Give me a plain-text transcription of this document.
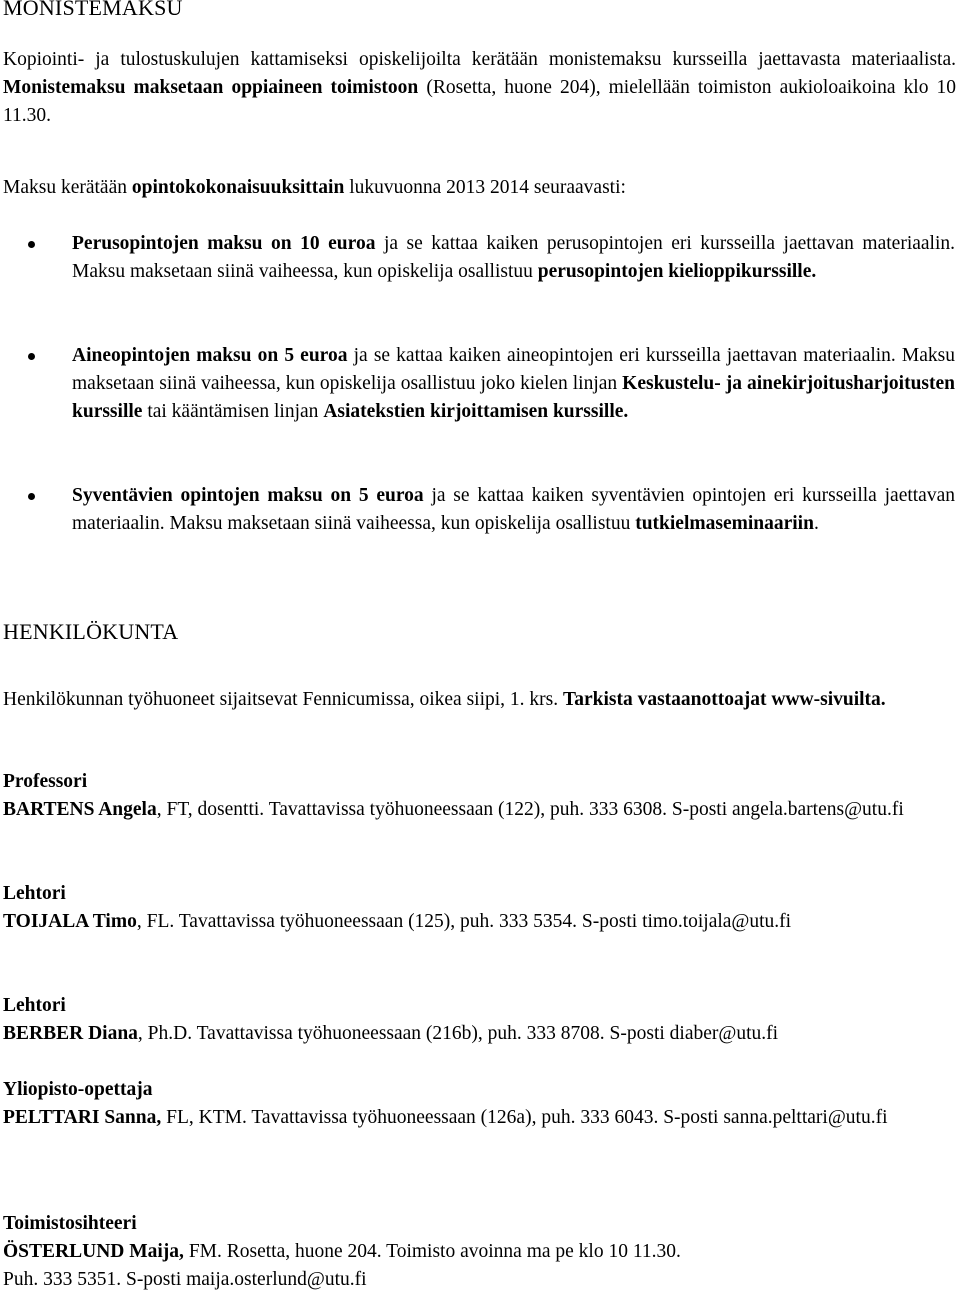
MONISTEMAKSU
Kopiointi- ja tulostuskulujen kattamiseksi opiskelijoilta kerätään monistemaksu kursseilla jaettavasta materiaalista. Monistemaksu maksetaan oppiaineen toimistoon (Rosetta, huone 204), mielellään toimiston aukioloaikoina klo 10 11.30.
Maksu kerätään opintokokonaisuuksittain lukuvuonna 2013 2014 seuraavasti:
Perusopintojen maksu on 10 euroa ja se kattaa kaiken perusopintojen eri kursseilla jaettavan materiaalin. Maksu maksetaan siinä vaiheessa, kun opiskelija osallistuu perusopintojen kielioppikurssille.
Aineopintojen maksu on 5 euroa ja se kattaa kaiken aineopintojen eri kursseilla jaettavan materiaalin. Maksu maksetaan siinä vaiheessa, kun opiskelija osallistuu joko kielen linjan Keskustelu- ja ainekirjoitusharjoitusten kurssille tai kääntämisen linjan Asiatekstien kirjoittamisen kurssille.
Syventävien opintojen maksu on 5 euroa ja se kattaa kaiken syventävien opintojen eri kursseilla jaettavan materiaalin. Maksu maksetaan siinä vaiheessa, kun opiskelija osallistuu tutkielmaseminaariin.
HENKILÖKUNTA
Henkilökunnan työhuoneet sijaitsevat Fennicumissa, oikea siipi, 1. krs. Tarkista vastaanottoajat www-sivuilta.
Professori
BARTENS Angela, FT, dosentti. Tavattavissa työhuoneessaan (122), puh. 333 6308. S-posti angela.bartens@utu.fi
Lehtori
TOIJALA Timo, FL. Tavattavissa työhuoneessaan (125), puh. 333 5354. S-posti timo.toijala@utu.fi
Lehtori
BERBER Diana, Ph.D. Tavattavissa työhuoneessaan (216b), puh. 333 8708. S-posti diaber@utu.fi
Yliopisto-opettaja
PELTTARI Sanna, FL, KTM. Tavattavissa työhuoneessaan (126a), puh. 333 6043. S-posti sanna.pelttari@utu.fi
Toimistosihteeri
ÖSTERLUND Maija, FM. Rosetta, huone 204. Toimisto avoinna ma pe klo 10 11.30.
Puh. 333 5351. S-posti maija.osterlund@utu.fi
